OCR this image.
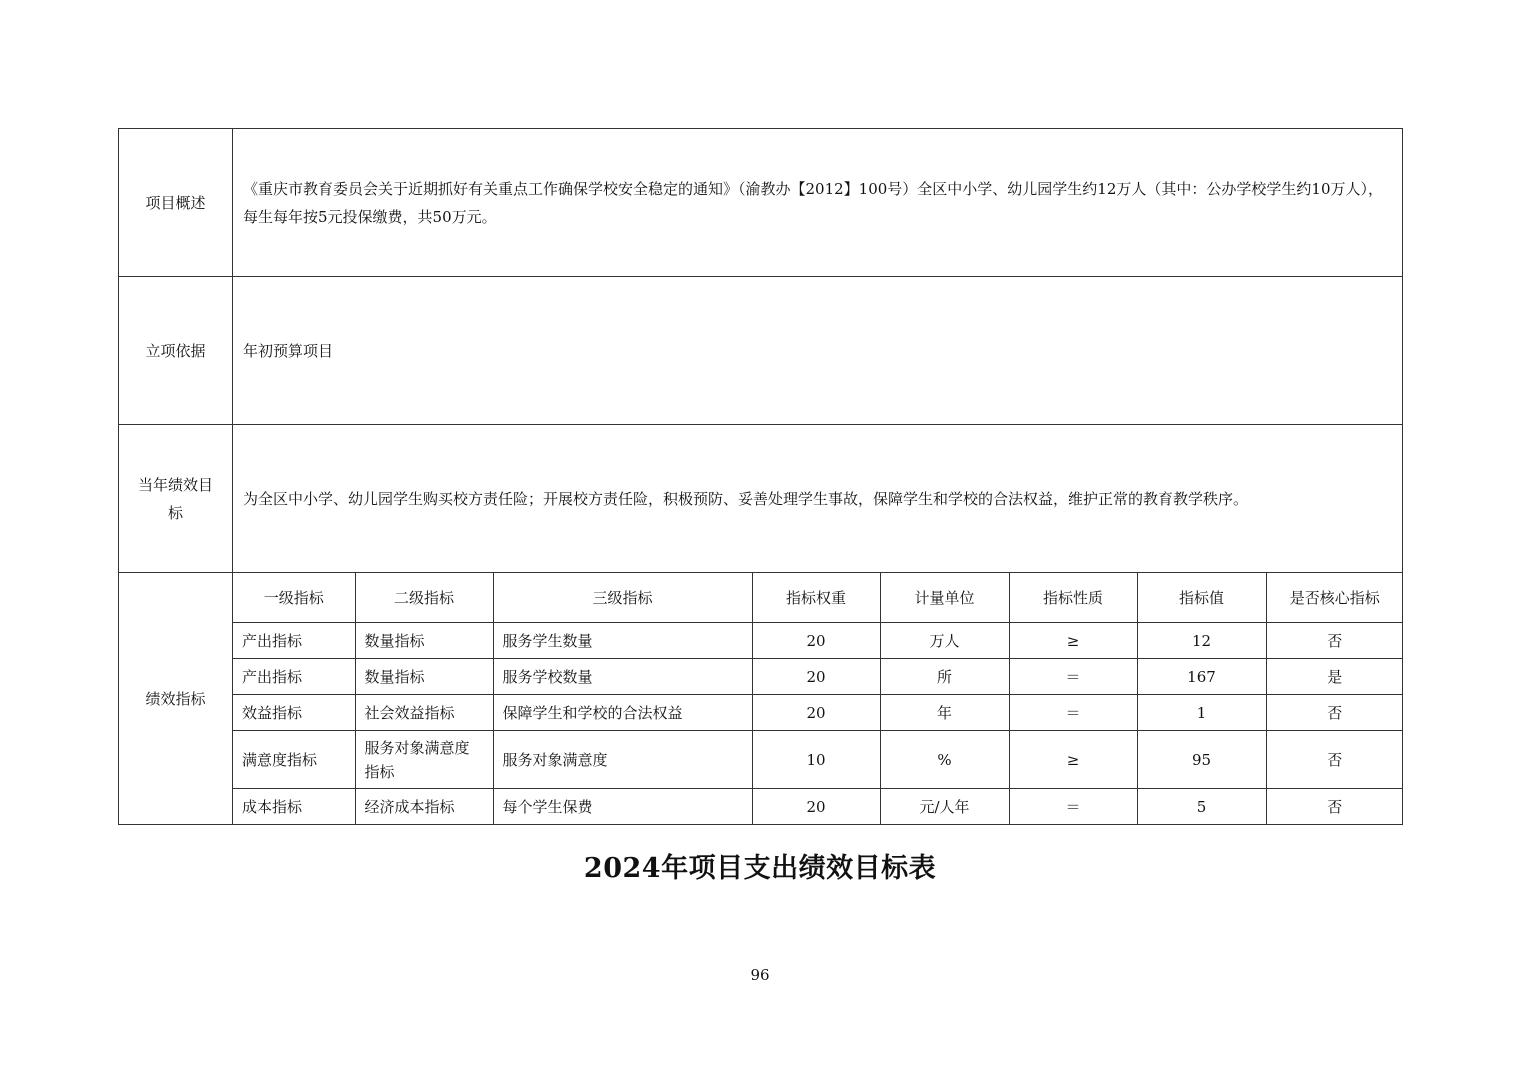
项目概述	《重庆市教育委员会关于近期抓好有关重点工作确保学校安全稳定的通知》（渝教办【2012】100号）全区中小学、幼儿园学生约12万人（其中：公办学校学生约10万人），每生每年按5元投保缴费，共50万元。
立项依据	年初预算项目
当年绩效目标	为全区中小学、幼儿园学生购买校方责任险；开展校方责任险，积极预防、妥善处理学生事故，保障学生和学校的合法权益，维护正常的教育教学秩序。
绩效指标	
一级指标	二级指标	三级指标	指标权重	计量单位	指标性质	指标值	是否核心指标
产出指标	数量指标	服务学生数量	20	万人	≥	12	否
产出指标	数量指标	服务学校数量	20	所	＝	167	是
效益指标	社会效益指标	保障学生和学校的合法权益	20	年	＝	1	否
满意度指标	服务对象满意度指标	服务对象满意度	10	%	≥	95	否
成本指标	经济成本指标	每个学生保费	20	元/人年	＝	5	否
2024年项目支出绩效目标表
96
